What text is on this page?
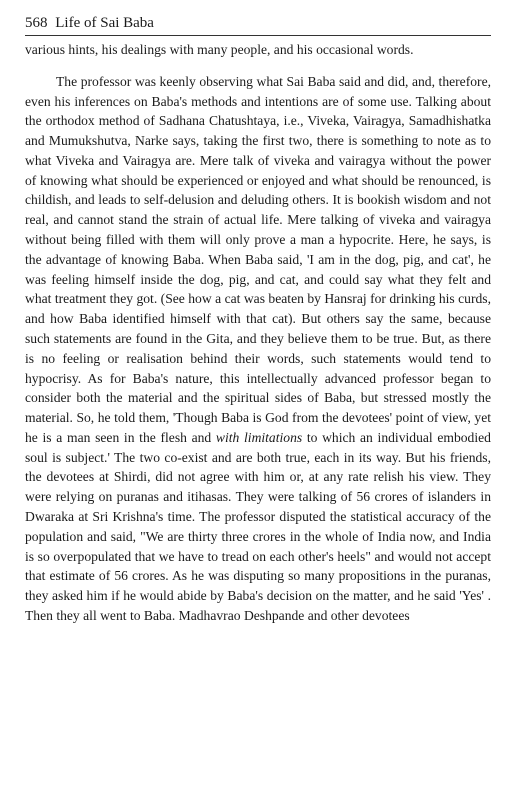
568 Life of Sai Baba

various hints, his dealings with many people, and his occasional words.

The professor was keenly observing what Sai Baba said and did, and, therefore, even his inferences on Baba's methods and intentions are of some use. Talking about the orthodox method of Sadhana Chatushtaya, i.e., Viveka, Vairagya, Samadhishatka and Mumukshutva, Narke says, taking the first two, there is something to note as to what Viveka and Vairagya are. Mere talk of viveka and vairagya without the power of knowing what should be experienced or enjoyed and what should be renounced, is childish, and leads to self-delusion and deluding others. It is bookish wisdom and not real, and cannot stand the strain of actual life. Mere talking of viveka and vairagya without being filled with them will only prove a man a hypocrite. Here, he says, is the advantage of knowing Baba. When Baba said, 'I am in the dog, pig, and cat', he was feeling himself inside the dog, pig, and cat, and could say what they felt and what treatment they got. (See how a cat was beaten by Hansraj for drinking his curds, and how Baba identified himself with that cat). But others say the same, because such statements are found in the Gita, and they believe them to be true. But, as there is no feeling or realisation behind their words, such statements would tend to hypocrisy. As for Baba's nature, this intellectually advanced professor began to consider both the material and the spiritual sides of Baba, but stressed mostly the material. So, he told them, 'Though Baba is God from the devotees' point of view, yet he is a man seen in the flesh and with limitations to which an individual embodied soul is subject.' The two co-exist and are both true, each in its way. But his friends, the devotees at Shirdi, did not agree with him or, at any rate relish his view. They were relying on puranas and itihasas. They were talking of 56 crores of islanders in Dwaraka at Sri Krishna's time. The professor disputed the statistical accuracy of the population and said, "We are thirty three crores in the whole of India now, and India is so overpopulated that we have to tread on each other's heels" and would not accept that estimate of 56 crores. As he was disputing so many propositions in the puranas, they asked him if he would abide by Baba's decision on the matter, and he said 'Yes' . Then they all went to Baba. Madhavrao Deshpande and other devotees
